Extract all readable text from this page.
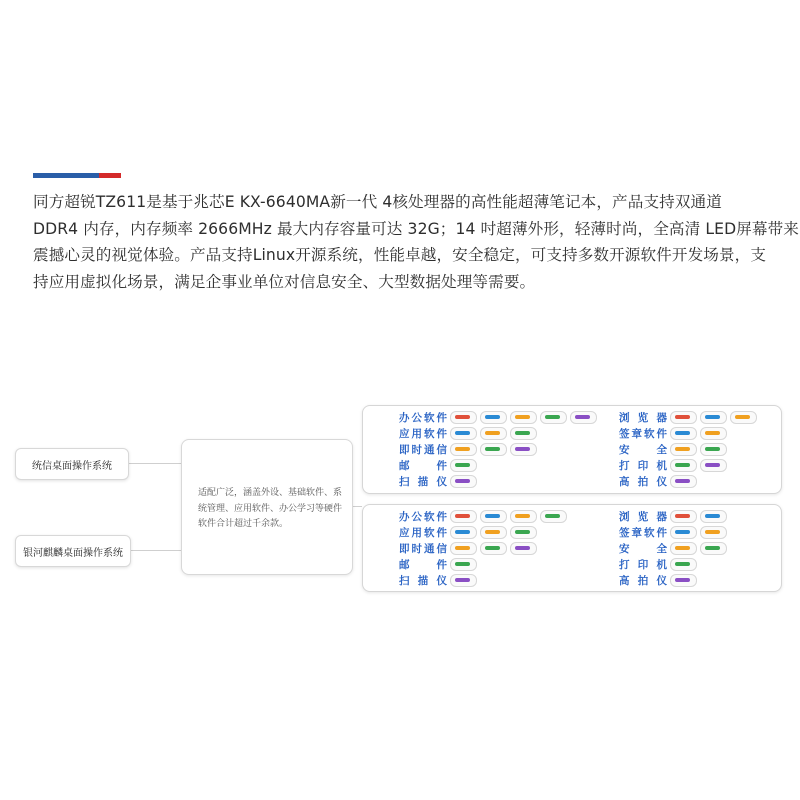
同方超锐TZ611是基于兆芯E KX-6640MA新一代 4核处理器的高性能超薄笔记本，产品支持双通道
DDR4 内存，内存频率 2666MHz 最大内存容量可达 32G；14 吋超薄外形，轻薄时尚，全高清 LED屏幕带来
震撼心灵的视觉体验。产品支持Linux开源系统，性能卓越，安全稳定，可支持多数开源软件开发场景，支
持应用虚拟化场景，满足企事业单位对信息安全、大型数据处理等需要。
统信桌面操作系统
银河麒麟桌面操作系统
适配广泛，涵盖外设、基础软件、系统管理、应用软件、办公学习等硬件软件合计超过千余款。
办公软件
应用软件
即时通信
邮　件
扫描仪
浏览器
签章软件
安　全
打印机
高拍仪
办公软件
应用软件
即时通信
邮　件
扫描仪
浏览器
签章软件
安　全
打印机
高拍仪
